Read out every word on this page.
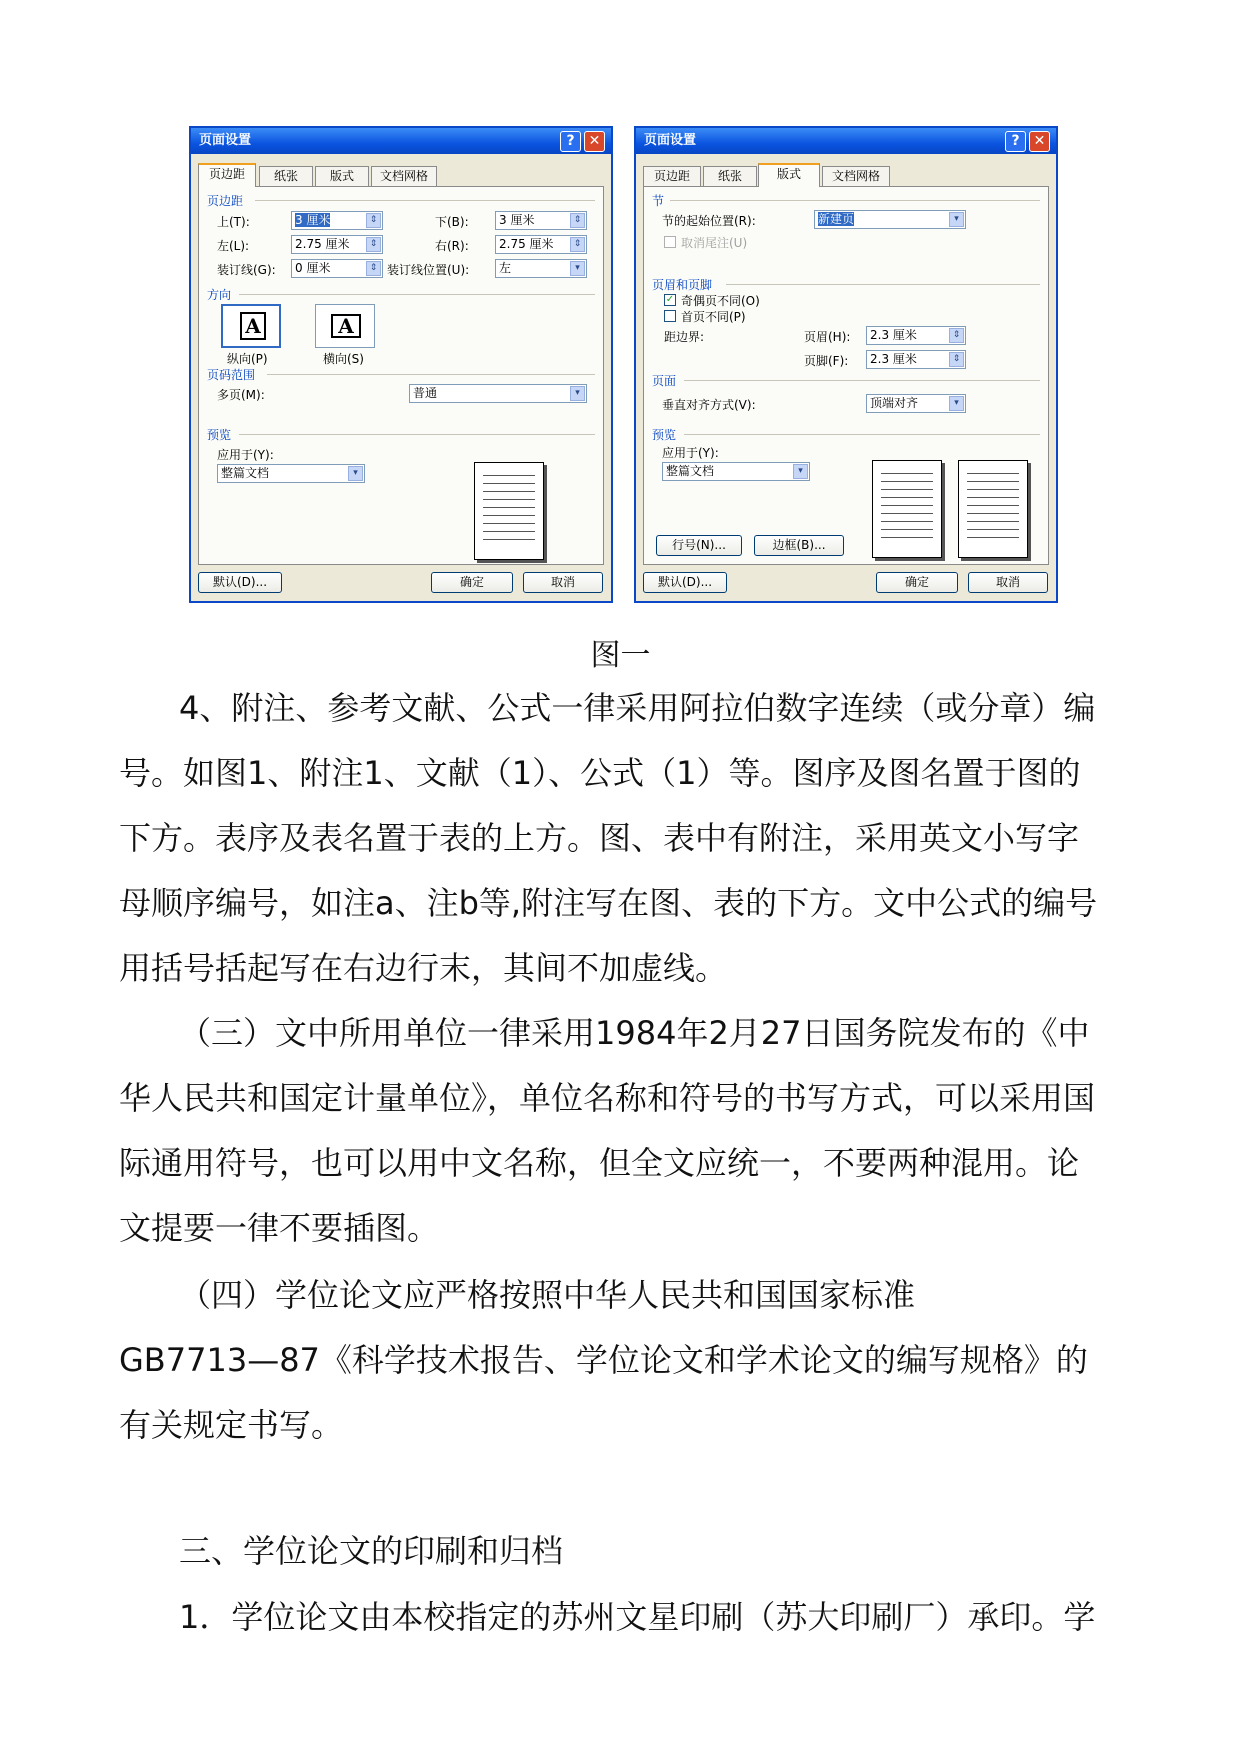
页面设置	?	✕
页边距	纸张	版式	文档网格
页边距
上(T):	3 厘米	⇕	下(B):	3 厘米	⇕
左(L):	2.75 厘米	⇕	右(R):	2.75 厘米	⇕
装订线(G):	0 厘米	⇕ 装订线位置(U):	左	▾
方向
A
纵向(P)
A
横向(S)
页码范围
多页(M):	普通	▾
预览
应用于(Y):
整篇文档	▾
默认(D)...	确定	取消
页面设置	?	✕
页边距	纸张	版式	文档网格
节
节的起始位置(R):	新建页	▾
取消尾注(U)
页眉和页脚
✓ 奇偶页不同(O)
首页不同(P)
距边界:	页眉(H):	2.3 厘米	⇕
页脚(F):	2.3 厘米	⇕
页面
垂直对齐方式(V):	顶端对齐	▾
预览
应用于(Y):
整篇文档	▾
行号(N)...	边框(B)...
默认(D)...	确定	取消
图一
4、附注、参考文献、公式一律采用阿拉伯数字连续（或分章）编
号。如图1、附注1、文献（1）、公式（1）等。图序及图名置于图的
下方。表序及表名置于表的上方。图、表中有附注，采用英文小写字
母顺序编号，如注a、注b等,附注写在图、表的下方。文中公式的编号
用括号括起写在右边行末，其间不加虚线。
（三）文中所用单位一律采用1984年2月27日国务院发布的《中
华人民共和国定计量单位》，单位名称和符号的书写方式，可以采用国
际通用符号，也可以用中文名称，但全文应统一，不要两种混用。论
文提要一律不要插图。
（四）学位论文应严格按照中华人民共和国国家标准
GB7713—87《科学技术报告、学位论文和学术论文的编写规格》的
有关规定书写。
三、学位论文的印刷和归档
1．学位论文由本校指定的苏州文星印刷（苏大印刷厂）承印。学
